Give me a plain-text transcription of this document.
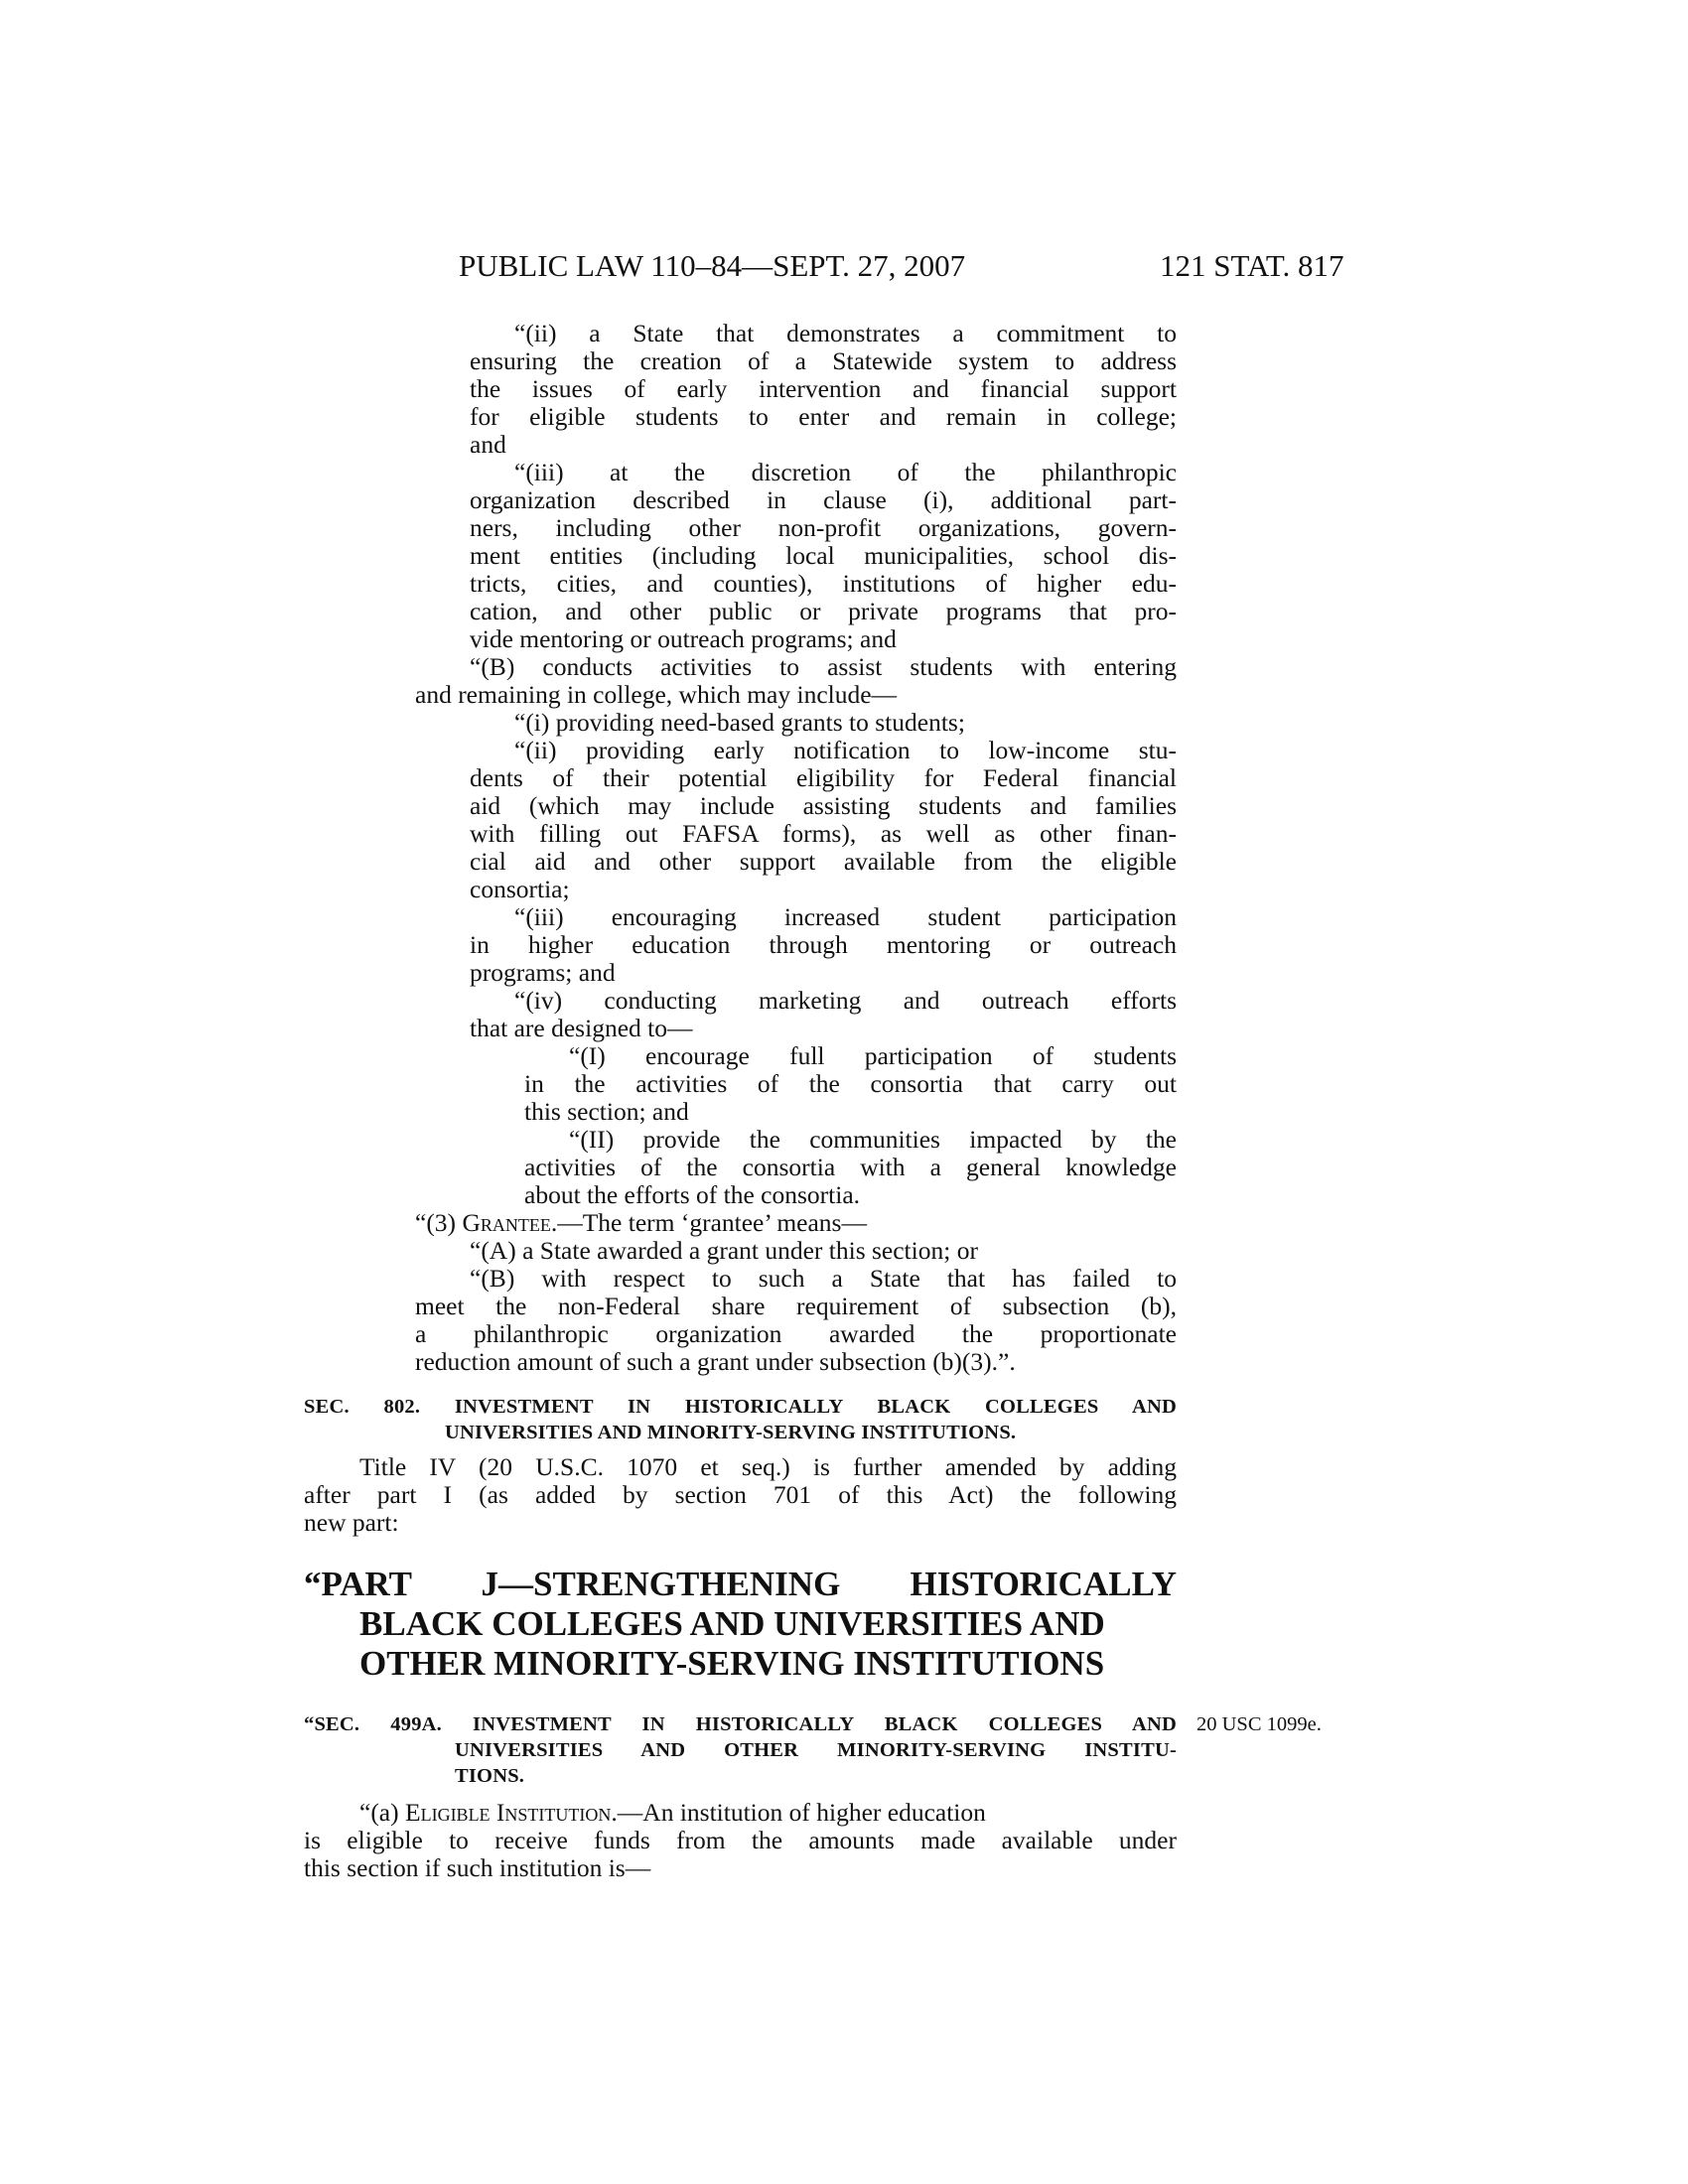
PUBLIC LAW 110–84—SEPT. 27, 2007	121 STAT. 817
“(ii) a State that demonstrates a commitment to
ensuring the creation of a Statewide system to address
the issues of early intervention and financial support
for eligible students to enter and remain in college;
and
“(iii) at the discretion of the philanthropic
organization described in clause (i), additional part-
ners, including other non-profit organizations, govern-
ment entities (including local municipalities, school dis-
tricts, cities, and counties), institutions of higher edu-
cation, and other public or private programs that pro-
vide mentoring or outreach programs; and
“(B) conducts activities to assist students with entering
and remaining in college, which may include—
“(i) providing need-based grants to students;
“(ii) providing early notification to low-income stu-
dents of their potential eligibility for Federal financial
aid (which may include assisting students and families
with filling out FAFSA forms), as well as other finan-
cial aid and other support available from the eligible
consortia;
“(iii) encouraging increased student participation
in higher education through mentoring or outreach
programs; and
“(iv) conducting marketing and outreach efforts
that are designed to—
“(I) encourage full participation of students
in the activities of the consortia that carry out
this section; and
“(II) provide the communities impacted by the
activities of the consortia with a general knowledge
about the efforts of the consortia.
“(3) Grantee.—The term ‘grantee’ means—
“(A) a State awarded a grant under this section; or
“(B) with respect to such a State that has failed to
meet the non-Federal share requirement of subsection (b),
a philanthropic organization awarded the proportionate
reduction amount of such a grant under subsection (b)(3).”.
SEC. 802. INVESTMENT IN HISTORICALLY BLACK COLLEGES AND
UNIVERSITIES AND MINORITY-SERVING INSTITUTIONS.
Title IV (20 U.S.C. 1070 et seq.) is further amended by adding
after part I (as added by section 701 of this Act) the following
new part:
“PART J—STRENGTHENING HISTORICALLY
BLACK COLLEGES AND UNIVERSITIES AND
OTHER MINORITY-SERVING INSTITUTIONS
“SEC. 499A. INVESTMENT IN HISTORICALLY BLACK COLLEGES AND
UNIVERSITIES AND OTHER MINORITY-SERVING INSTITU-
TIONS.
20 USC 1099e.
“(a) Eligible Institution.—An institution of higher education
is eligible to receive funds from the amounts made available under
this section if such institution is—
